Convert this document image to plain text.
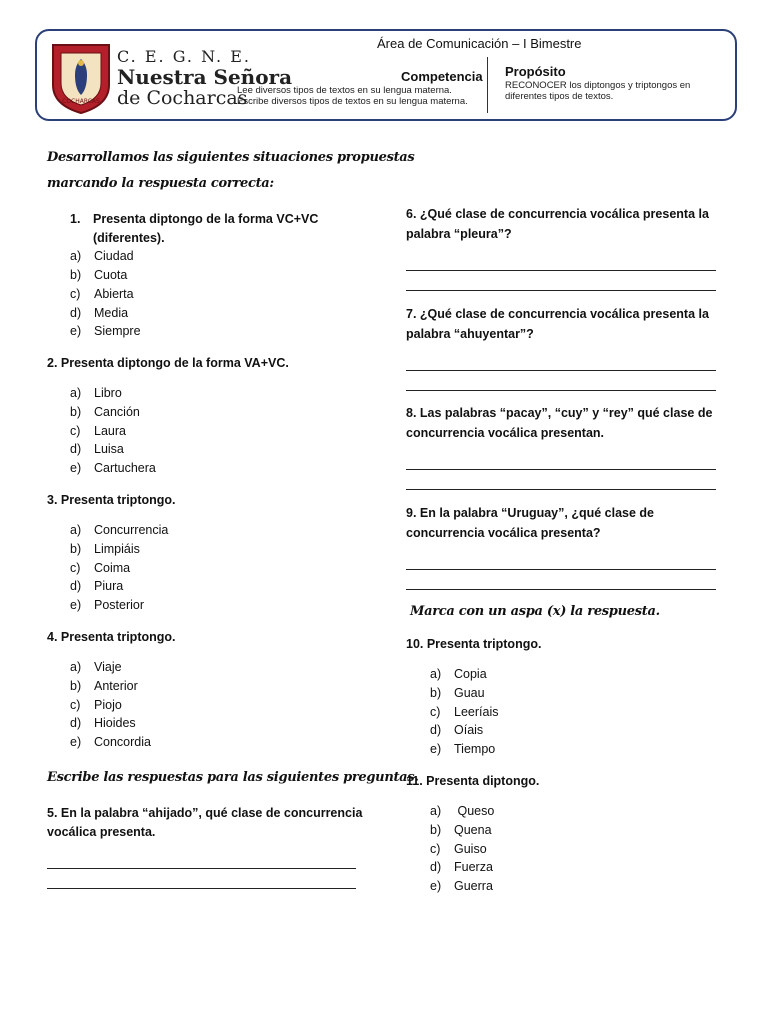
COCHARCAS
C. E. G. N. E.
Nuestra Señora
de Cocharcas
Área de Comunicación – I Bimestre
Competencia
Lee diversos tipos de textos en su lengua materna.
Escribe diversos tipos de textos en su lengua materna.
Propósito
RECONOCER los diptongos y triptongos en
diferentes tipos de textos.
Desarrollamos las siguientes situaciones propuestas
marcando la respuesta correcta:
1. Presenta diptongo de la forma VC+VC
(diferentes).
a) Ciudad
b) Cuota
c) Abierta
d) Media
e) Siempre
2. Presenta diptongo de la forma VA+VC.
a) Libro
b) Canción
c) Laura
d) Luisa
e) Cartuchera
3. Presenta triptongo.
a) Concurrencia
b) Limpiáis
c) Coima
d) Piura
e) Posterior
4. Presenta triptongo.
a) Viaje
b) Anterior
c) Piojo
d) Hioides
e) Concordia
Escribe las respuestas para las siguientes preguntas.
5. En la palabra “ahijado”, qué clase de concurrencia
vocálica presenta.
6. ¿Qué clase de concurrencia vocálica presenta la
palabra “pleura”?
7. ¿Qué clase de concurrencia vocálica presenta la
palabra “ahuyentar”?
8. Las palabras “pacay”, “cuy” y “rey” qué clase de
concurrencia vocálica presentan.
9. En la palabra “Uruguay”, ¿qué clase de
concurrencia vocálica presenta?
Marca con un aspa (x) la respuesta.
10. Presenta triptongo.
a) Copia
b) Guau
c) Leeríais
d) Oíais
e) Tiempo
11. Presenta diptongo.
a) Queso
b) Quena
c) Guiso
d) Fuerza
e) Guerra
